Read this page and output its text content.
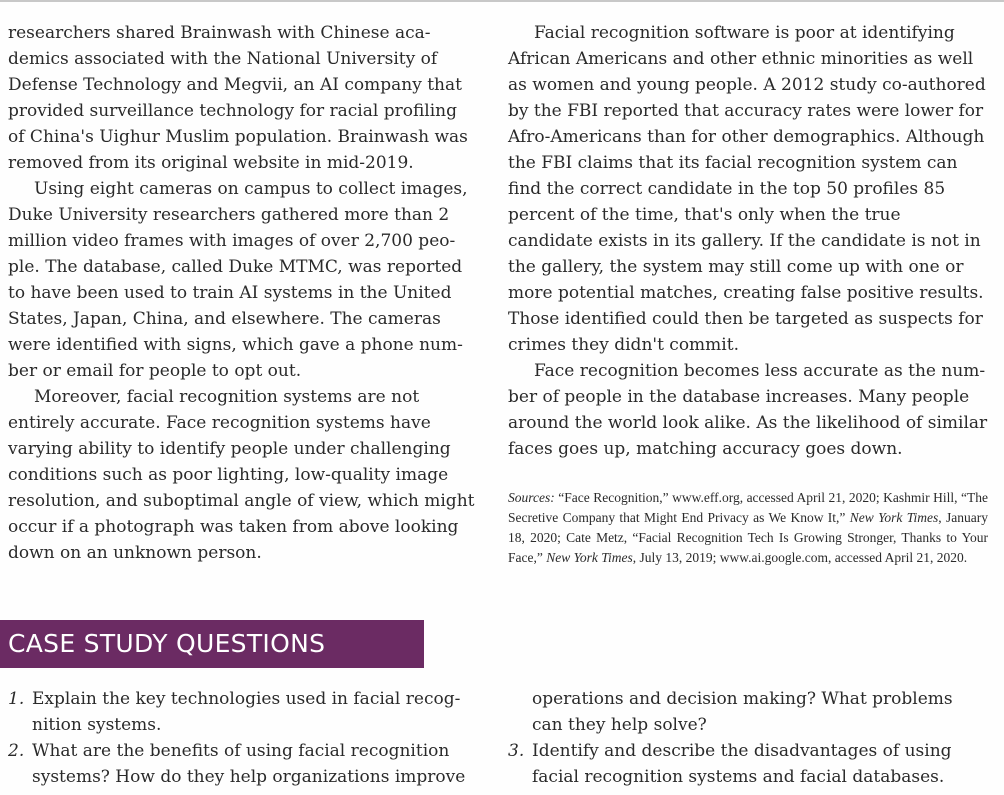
researchers shared Brainwash with Chinese academics associated with the National University of Defense Technology and Megvii, an AI company that provided surveillance technology for racial profiling of China's Uighur Muslim population. Brainwash was removed from its original website in mid-2019.

Using eight cameras on campus to collect images, Duke University researchers gathered more than 2 million video frames with images of over 2,700 people. The database, called Duke MTMC, was reported to have been used to train AI systems in the United States, Japan, China, and elsewhere. The cameras were identified with signs, which gave a phone number or email for people to opt out.

Moreover, facial recognition systems are not entirely accurate. Face recognition systems have varying ability to identify people under challenging conditions such as poor lighting, low-quality image resolution, and suboptimal angle of view, which might occur if a photograph was taken from above looking down on an unknown person.

Facial recognition software is poor at identifying African Americans and other ethnic minorities as well as women and young people. A 2012 study co-authored by the FBI reported that accuracy rates were lower for Afro-Americans than for other demographics. Although the FBI claims that its facial recognition system can find the correct candidate in the top 50 profiles 85 percent of the time, that's only when the true candidate exists in its gallery. If the candidate is not in the gallery, the system may still come up with one or more potential matches, creating false positive results. Those identified could then be targeted as suspects for crimes they didn't commit.

Face recognition becomes less accurate as the number of people in the database increases. Many people around the world look alike. As the likelihood of similar faces goes up, matching accuracy goes down.

Sources: “Face Recognition,” www.eff.org, accessed April 21, 2020; Kashmir Hill, “The Secretive Company that Might End Privacy as We Know It,” New York Times, January 18, 2020; Cate Metz, “Facial Recognition Tech Is Growing Stronger, Thanks to Your Face,” New York Times, July 13, 2019; www.ai.google.com, accessed April 21, 2020.

CASE STUDY QUESTIONS
1. Explain the key technologies used in facial recognition systems.
2. What are the benefits of using facial recognition systems? How do they help organizations improve
operations and decision making? What problems can they help solve?
3. Identify and describe the disadvantages of using facial recognition systems and facial databases.
